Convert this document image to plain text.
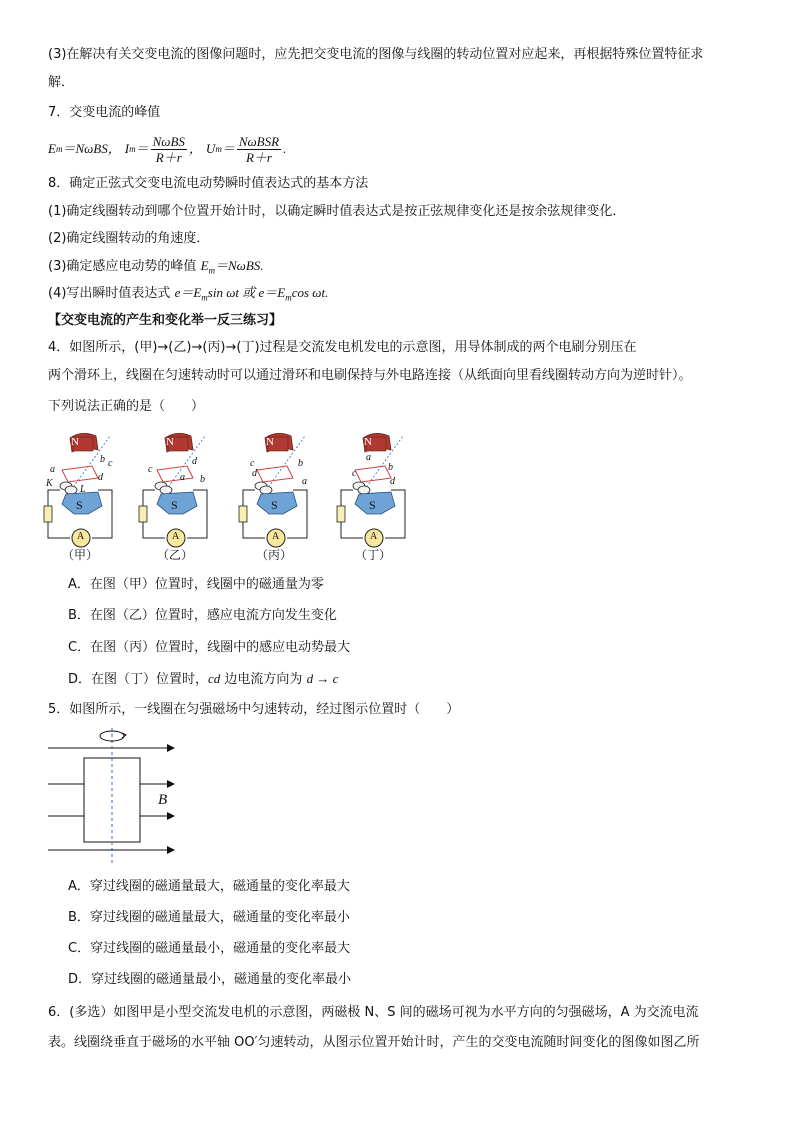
(3)在解决有关交变电流的图像问题时，应先把交变电流的图像与线圈的转动位置对应起来，再根据特殊位置特征求
解．
7．交变电流的峰值
E m ＝NωBS， I $m = \frac{\text{NωBS}}{R+r}$ ， U $m = \frac{\text{NωBSR}}{R+r}$ .
8．确定正弦式交变电流电动势瞬时值表达式的基本方法
(1)确定线圈转动到哪个位置开始计时，以确定瞬时值表达式是按正弦规律变化还是按余弦规律变化．
(2)确定线圈转动的角速度．
(3)确定感应电动势的峰值 $E_m=N\omega BS$.
(4)写出瞬时值表达式 $e=E_m\sin$ ωt 或 $e=E_m\cos$ ωt.
【交变电流的产生和变化举一反三练习】
4．如图所示，(甲)→(乙)→(丙)→(丁)过程是交流发电机发电的示意图，用导体制成的两个电刷分别压在
两个滑环上，线圈在匀速转动时可以通过滑环和电刷保持与外电路连接（从纸面向里看线圈转动方向为逆时针）。
下列说法正确的是（　　）
N	N	N	N
S	S	S	S
A	A	A	A
a
b c
d
K
L
c
d
a b
d
b
a
c
a
b
c
d
（甲）	（乙）	（丙）	（丁）
A．在图（甲）位置时，线圈中的磁通量为零
B．在图（乙）位置时，感应电流方向发生变化
C．在图（丙）位置时，线圈中的感应电动势最大
D．在图（丁）位置时，cd 边电流方向为 d → c
5．如图所示，一线圈在匀强磁场中匀速转动，经过图示位置时（　　）
B
A．穿过线圈的磁通量最大，磁通量的变化率最大
B．穿过线圈的磁通量最大，磁通量的变化率最小
C．穿过线圈的磁通量最小，磁通量的变化率最大
D．穿过线圈的磁通量最小，磁通量的变化率最小
6．(多选）如图甲是小型交流发电机的示意图，两磁极 N、S 间的磁场可视为水平方向的匀强磁场，A 为交流电流
表。线圈绕垂直于磁场的水平轴 OO′匀速转动，从图示位置开始计时，产生的交变电流随时间变化的图像如图乙所
